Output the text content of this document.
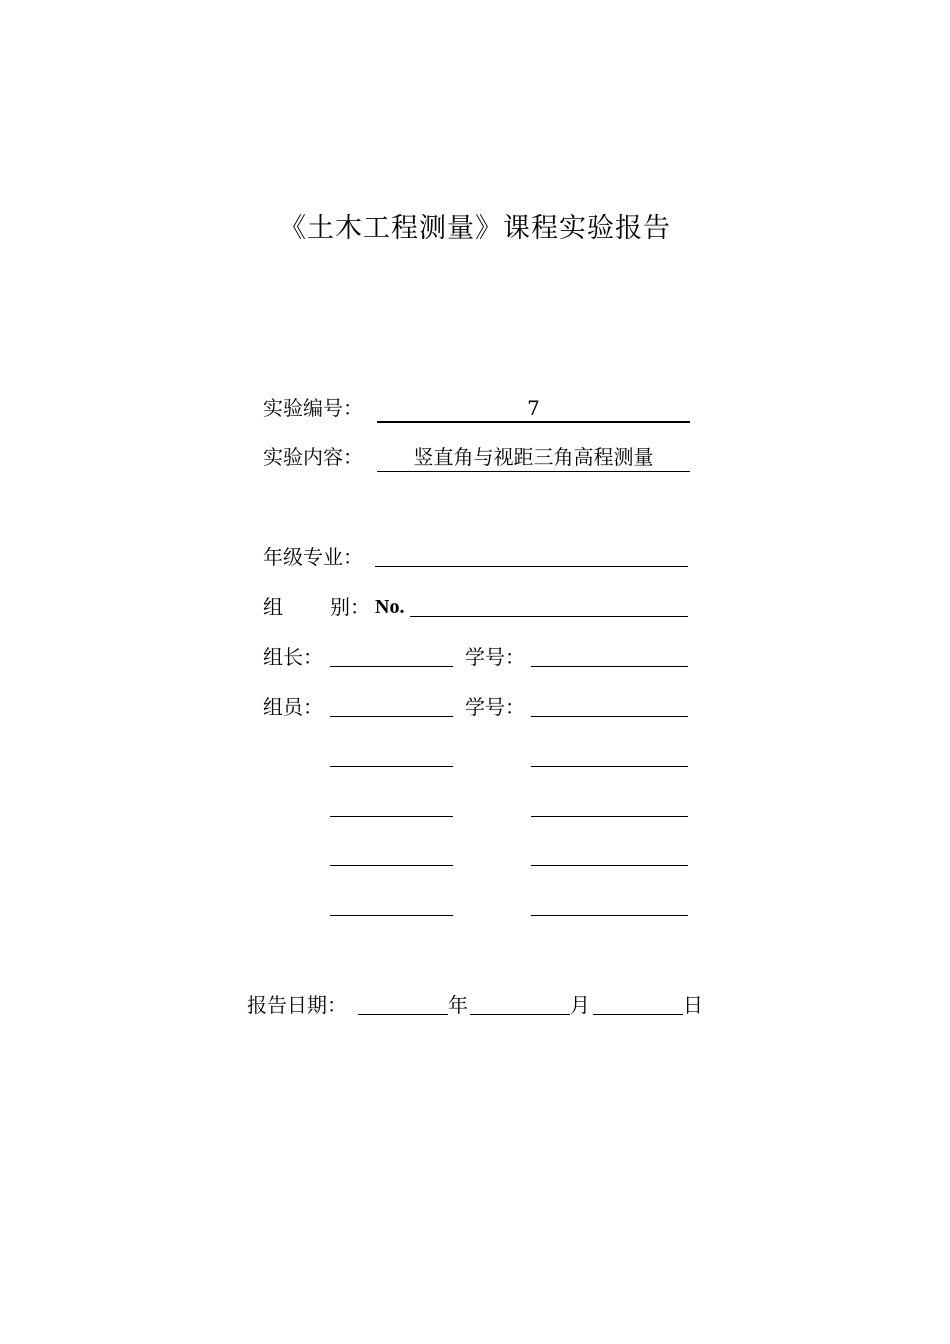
《土木工程测量》课程实验报告
实验编号：	7
实验内容：	竖直角与视距三角高程测量
年级专业：
组 别： No.
组长：	学号：
组员：	学号：
报告日期：	年	月	日
